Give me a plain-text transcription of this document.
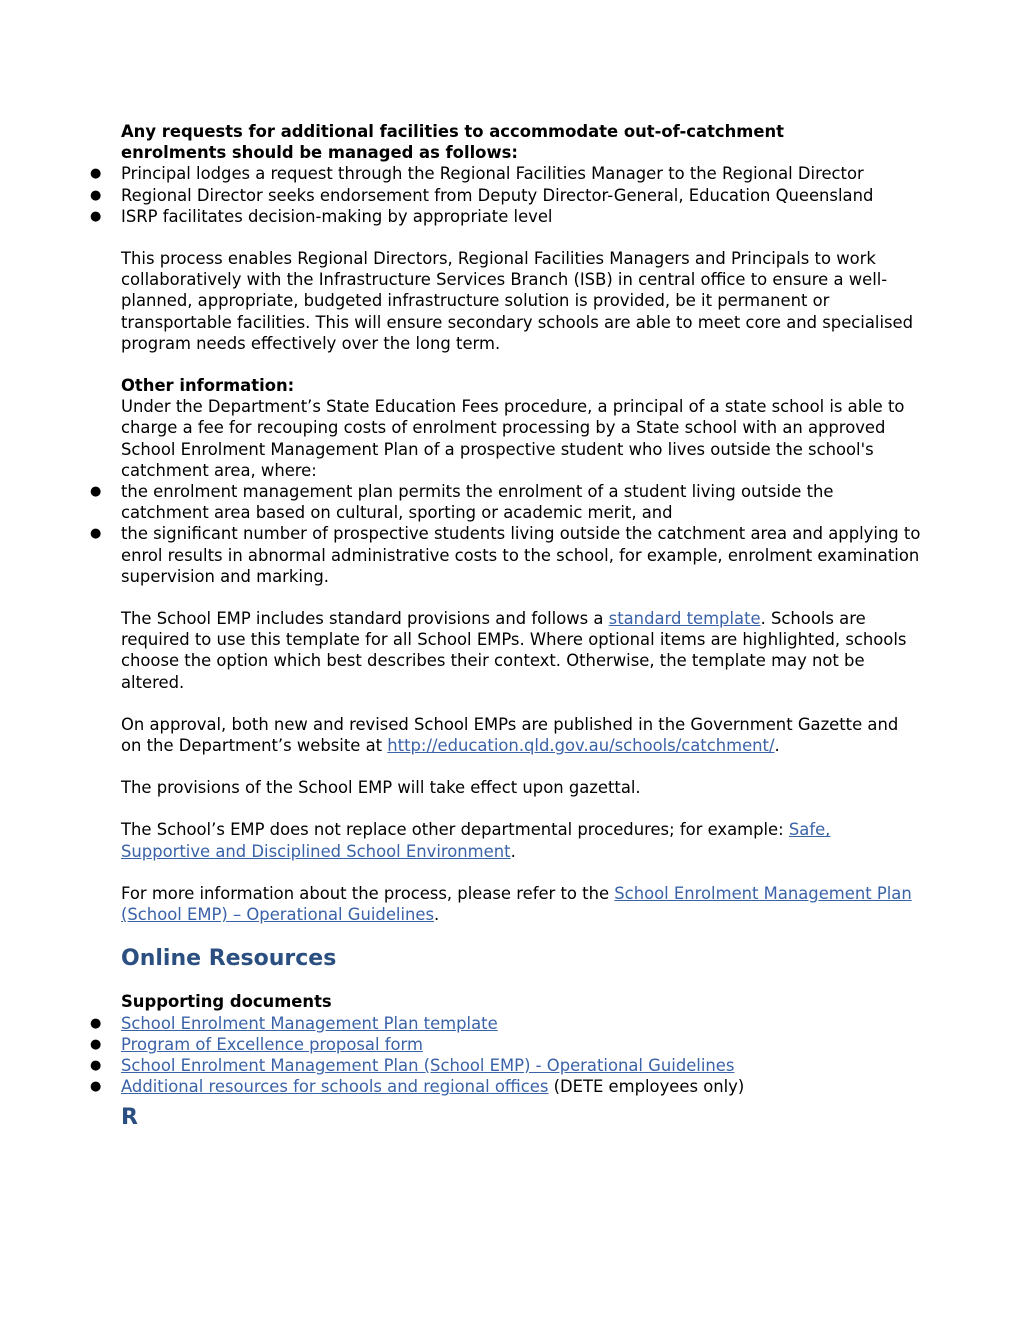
Any requests for additional facilities to accommodate out-of-catchment
enrolments should be managed as follows:

● Principal lodges a request through the Regional Facilities Manager to the Regional Director
● Regional Director seeks endorsement from Deputy Director-General, Education Queensland
● ISRP facilitates decision-making by appropriate level

This process enables Regional Directors, Regional Facilities Managers and Principals to work collaboratively with the Infrastructure Services Branch (ISB) in central office to ensure a well-planned, appropriate, budgeted infrastructure solution is provided, be it permanent or transportable facilities. This will ensure secondary schools are able to meet core and specialised program needs effectively over the long term.

Other information:

Under the Department’s State Education Fees procedure, a principal of a state school is able to charge a fee for recouping costs of enrolment processing by a State school with an approved School Enrolment Management Plan of a prospective student who lives outside the school's catchment area, where:

● the enrolment management plan permits the enrolment of a student living outside the catchment area based on cultural, sporting or academic merit, and
● the significant number of prospective students living outside the catchment area and applying to enrol results in abnormal administrative costs to the school, for example, enrolment examination supervision and marking.

The School EMP includes standard provisions and follows a standard template. Schools are required to use this template for all School EMPs. Where optional items are highlighted, schools choose the option which best describes their context. Otherwise, the template may not be altered.

On approval, both new and revised School EMPs are published in the Government Gazette and on the Department’s website at http://education.qld.gov.au/schools/catchment/.

The provisions of the School EMP will take effect upon gazettal.

The School’s EMP does not replace other departmental procedures; for example: Safe, Supportive and Disciplined School Environment.

For more information about the process, please refer to the School Enrolment Management Plan (School EMP) – Operational Guidelines.

Online Resources

Supporting documents

● School Enrolment Management Plan template
● Program of Excellence proposal form
● School Enrolment Management Plan (School EMP) - Operational Guidelines
● Additional resources for schools and regional offices (DETE employees only)
R
